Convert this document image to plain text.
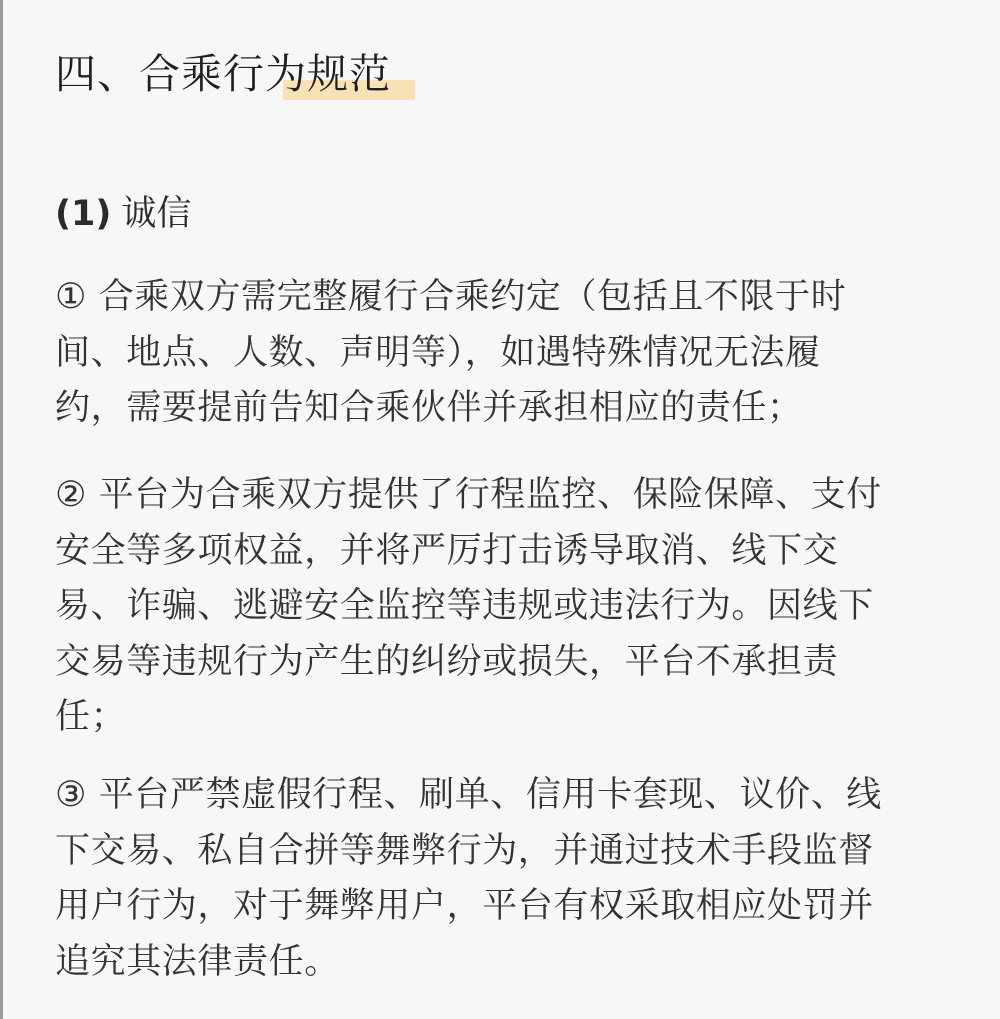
四、合乘行为规范
(1) 诚信
① 合乘双方需完整履行合乘约定（包括且不限于时
间、地点、人数、声明等），如遇特殊情况无法履
约，需要提前告知合乘伙伴并承担相应的责任；
② 平台为合乘双方提供了行程监控、保险保障、支付
安全等多项权益，并将严厉打击诱导取消、线下交
易、诈骗、逃避安全监控等违规或违法行为。因线下
交易等违规行为产生的纠纷或损失，平台不承担责
任；
③ 平台严禁虚假行程、刷单、信用卡套现、议价、线
下交易、私自合拼等舞弊行为，并通过技术手段监督
用户行为，对于舞弊用户，平台有权采取相应处罚并
追究其法律责任。
